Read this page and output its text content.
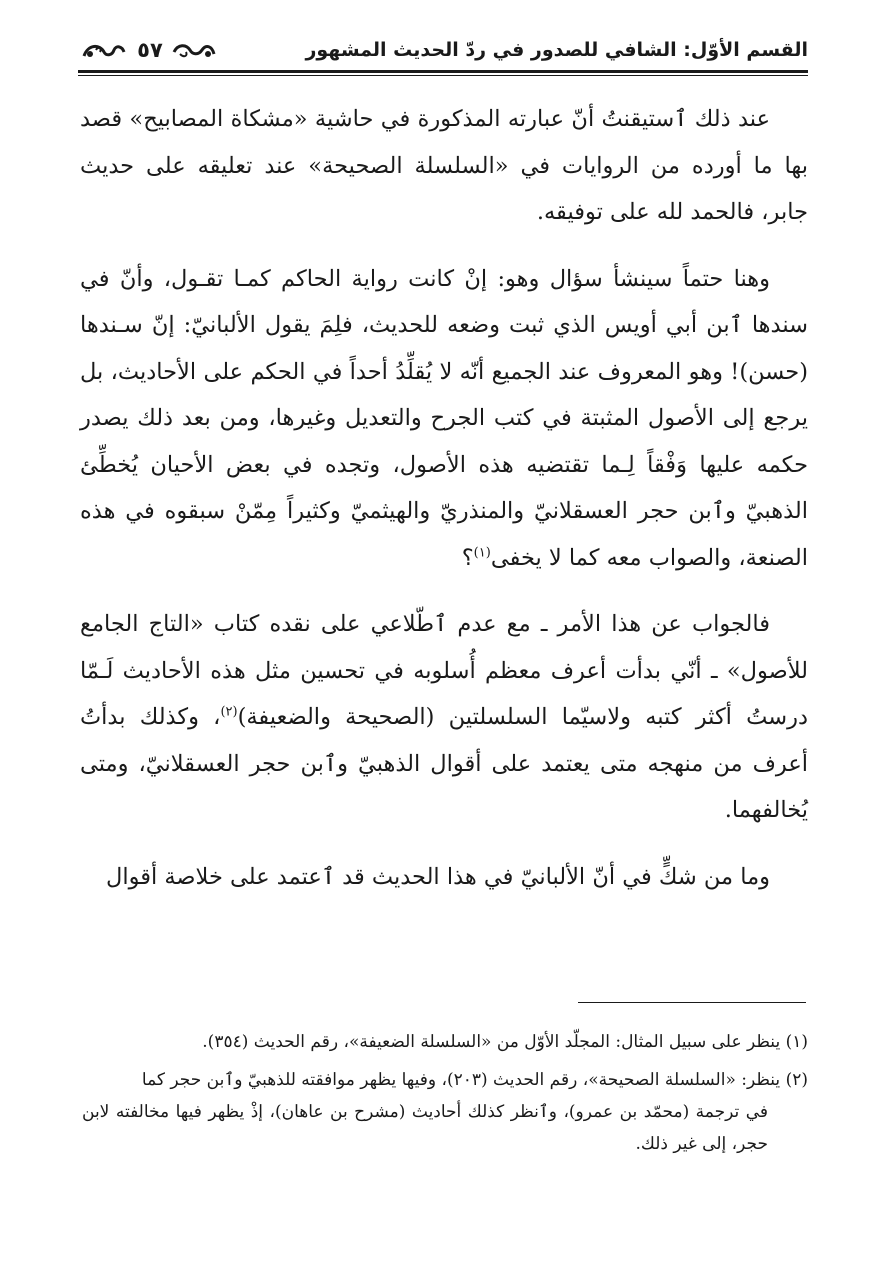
القسم الأوّل: الشافي للصدور في ردّ الحديث المشهور
٥٧

عند ذلك ٱستيقنتُ أنّ عبارته المذكورة في حاشية «مشكاة المصابيح» قصد بها ما أورده من الروايات في «السلسلة الصحيحة» عند تعليقه على حديث جابر، فالحمد لله على توفيقه.

وهنا حتماً سينشأ سؤال وهو: إنْ كانت رواية الحاكم كمـا تقـول، وأنّ في سندها ٱبن أبي أويس الذي ثبت وضعه للحديث، فلِمَ يقول الألبانيّ: إنّ سـندها (حسن)! وهو المعروف عند الجميع أنّه لا يُقلِّدُ أحداً في الحكم على الأحاديث، بل يرجع إلى الأصول المثبتة في كتب الجرح والتعديل وغيرها، ومن بعد ذلك يصدر حكمه عليها وَفْقاً لِـما تقتضيه هذه الأصول، وتجده في بعض الأحيان يُخطِّئ الذهبيّ وٱبن حجر العسقلانيّ والمنذريّ والهيثميّ وكثيراً مِمّنْ سبقوه في هذه الصنعة، والصواب معه كما لا يخفى$^{(١)}$؟

فالجواب عن هذا الأمر ـ مع عدم ٱطّلاعي على نقده كتاب «التاج الجامع للأصول» ـ أنّي بدأت أعرف معظم أُسلوبه في تحسين مثل هذه الأحاديث لَـمّا درستُ أكثر كتبه ولاسيّما السلسلتين (الصحيحة والضعيفة)$^{(٢)}$، وكذلك بدأتُ أعرف من منهجه متى يعتمد على أقوال الذهبيّ وٱبن حجر العسقلانيّ، ومتى يُخالفهما.

وما من شكٍّ في أنّ الألبانيّ في هذا الحديث قد ٱعتمد على خلاصة أقوال

(١) ينظر على سبيل المثال: المجلّد الأوّل من «السلسلة الضعيفة»، رقم الحديث (٣٥٤).

(٢) ينظر: «السلسلة الصحيحة»، رقم الحديث (٢٠٣)، وفيها يظهر موافقته للذهبيّ وٱبن حجر كما
في ترجمة (محمّد بن عمرو)، وٱنظر كذلك أحاديث (مشرح بن عاهان)، إذْ يظهر فيها مخالفته لابن حجر، إلى غير ذلك.
